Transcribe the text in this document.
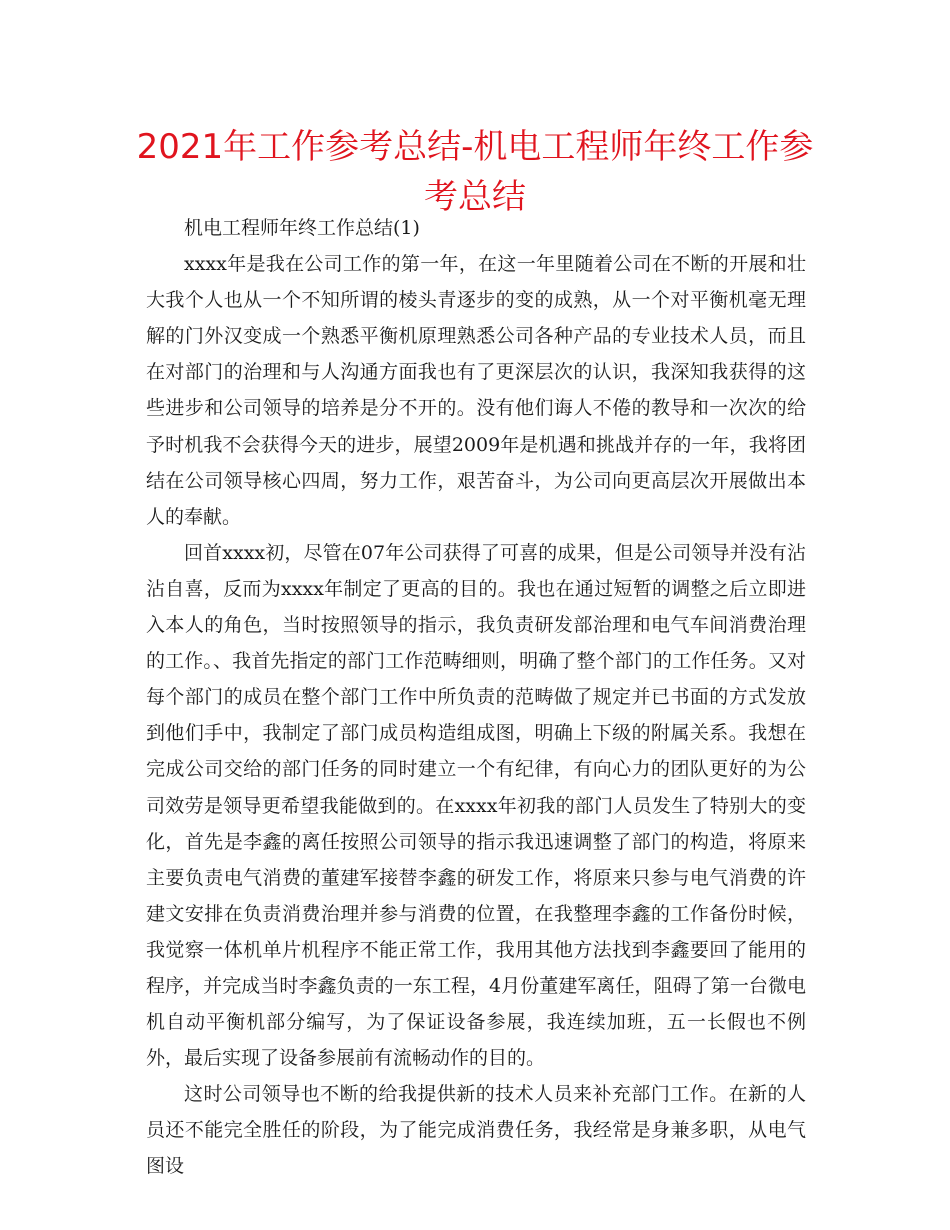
2021年工作参考总结-机电工程师年终工作参考总结

机电工程师年终工作总结(1)

xxxx年是我在公司工作的第一年，在这一年里随着公司在不断的开展和壮大我个人也从一个不知所谓的棱头青逐步的变的成熟，从一个对平衡机毫无理解的门外汉变成一个熟悉平衡机原理熟悉公司各种产品的专业技术人员，而且在对部门的治理和与人沟通方面我也有了更深层次的认识，我深知我获得的这些进步和公司领导的培养是分不开的。没有他们诲人不倦的教导和一次次的给予时机我不会获得今天的进步，展望2009年是机遇和挑战并存的一年，我将团结在公司领导核心四周，努力工作，艰苦奋斗，为公司向更高层次开展做出本人的奉献。

回首xxxx初，尽管在07年公司获得了可喜的成果，但是公司领导并没有沾沾自喜，反而为xxxx年制定了更高的目的。我也在通过短暂的调整之后立即进入本人的角色，当时按照领导的指示，我负责研发部治理和电气车间消费治理的工作。、我首先指定的部门工作范畴细则，明确了整个部门的工作任务。又对每个部门的成员在整个部门工作中所负责的范畴做了规定并已书面的方式发放到他们手中，我制定了部门成员构造组成图，明确上下级的附属关系。我想在完成公司交给的部门任务的同时建立一个有纪律，有向心力的团队更好的为公司效劳是领导更希望我能做到的。在xxxx年初我的部门人员发生了特别大的变化，首先是李鑫的离任按照公司领导的指示我迅速调整了部门的构造，将原来主要负责电气消费的董建军接替李鑫的研发工作，将原来只参与电气消费的许建文安排在负责消费治理并参与消费的位置，在我整理李鑫的工作备份时候，我觉察一体机单片机程序不能正常工作，我用其他方法找到李鑫要回了能用的程序，并完成当时李鑫负责的一东工程，4月份董建军离任，阻碍了第一台微电机自动平衡机部分编写，为了保证设备参展，我连续加班，五一长假也不例外，最后实现了设备参展前有流畅动作的目的。

这时公司领导也不断的给我提供新的技术人员来补充部门工作。在新的人员还不能完全胜任的阶段，为了能完成消费任务，我经常是身兼多职，从电气图设
